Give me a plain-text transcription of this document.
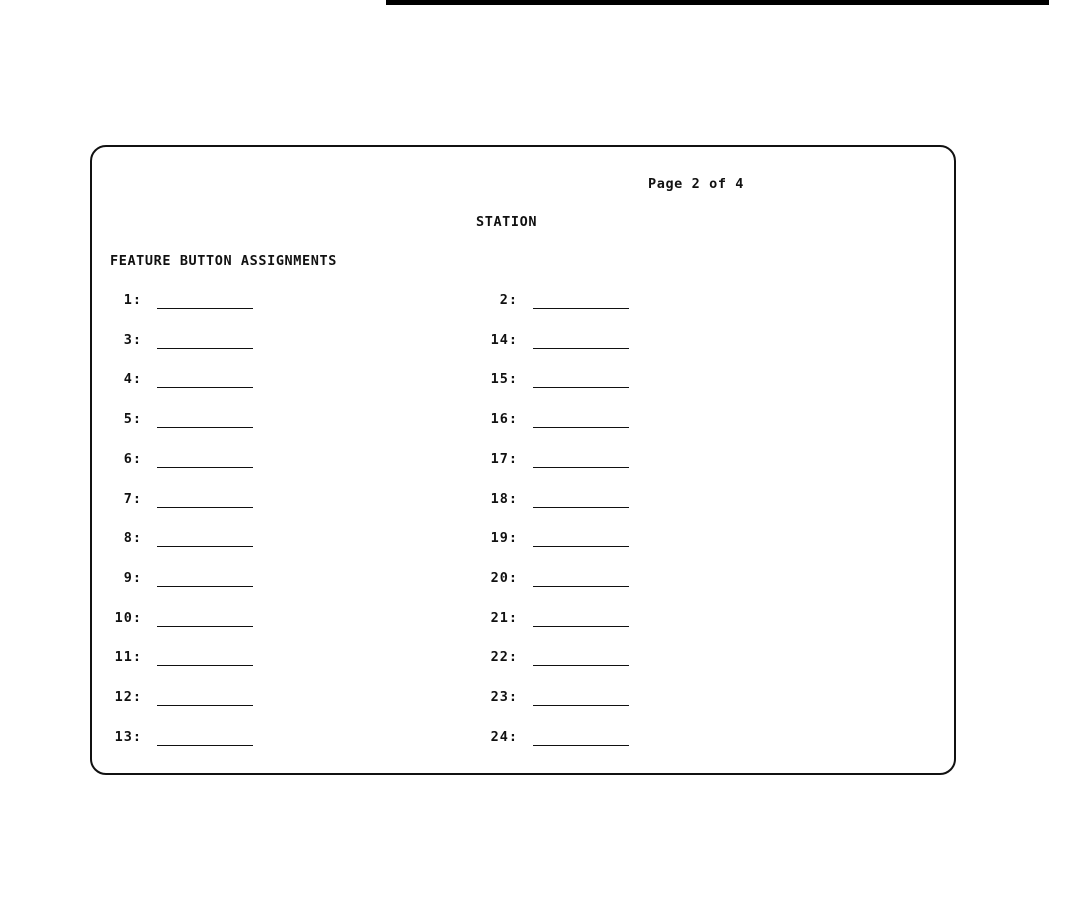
Page 2 of 4
STATION
FEATURE BUTTON ASSIGNMENTS
1:
3:
4:
5:
6:
7:
8:
9:
10:
11:
12:
13:
2:
14:
15:
16:
17:
18:
19:
20:
21:
22:
23:
24:
